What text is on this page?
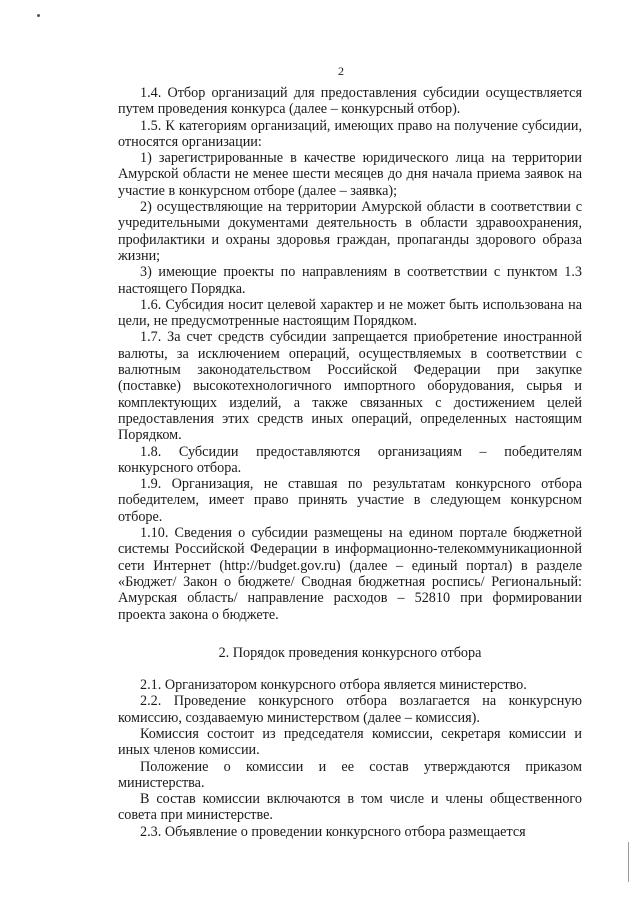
2

1.4. Отбор организаций для предоставления субсидии осуществляется путем проведения конкурса (далее – конкурсный отбор).

1.5. К категориям организаций, имеющих право на получение субсидии, относятся организации:

1) зарегистрированные в качестве юридического лица на территории Амурской области не менее шести месяцев до дня начала приема заявок на участие в конкурсном отборе (далее – заявка);

2) осуществляющие на территории Амурской области в соответствии с учредительными документами деятельность в области здравоохранения, профилактики и охраны здоровья граждан, пропаганды здорового образа жизни;

3) имеющие проекты по направлениям в соответствии с пунктом 1.3 настоящего Порядка.

1.6. Субсидия носит целевой характер и не может быть использована на цели, не предусмотренные настоящим Порядком.

1.7. За счет средств субсидии запрещается приобретение иностранной валюты, за исключением операций, осуществляемых в соответствии с валютным законодательством Российской Федерации при закупке (поставке) высокотехнологичного импортного оборудования, сырья и комплектующих изделий, а также связанных с достижением целей предоставления этих средств иных операций, определенных настоящим Порядком.

1.8. Субсидии предоставляются организациям – победителям конкурсного отбора.

1.9. Организация, не ставшая по результатам конкурсного отбора победителем, имеет право принять участие в следующем конкурсном отборе.

1.10. Сведения о субсидии размещены на едином портале бюджетной системы Российской Федерации в информационно-телекоммуникационной сети Интернет (http://budget.gov.ru) (далее – единый портал) в разделе «Бюджет/ Закон о бюджете/ Сводная бюджетная роспись/ Региональный: Амурская область/ направление расходов – 52810 при формировании проекта закона о бюджете.

2. Порядок проведения конкурсного отбора

2.1. Организатором конкурсного отбора является министерство.

2.2. Проведение конкурсного отбора возлагается на конкурсную комиссию, создаваемую министерством (далее – комиссия).

Комиссия состоит из председателя комиссии, секретаря комиссии и иных членов комиссии.

Положение о комиссии и ее состав утверждаются приказом министерства.

В состав комиссии включаются в том числе и члены общественного совета при министерстве.

2.3. Объявление о проведении конкурсного отбора размещается
